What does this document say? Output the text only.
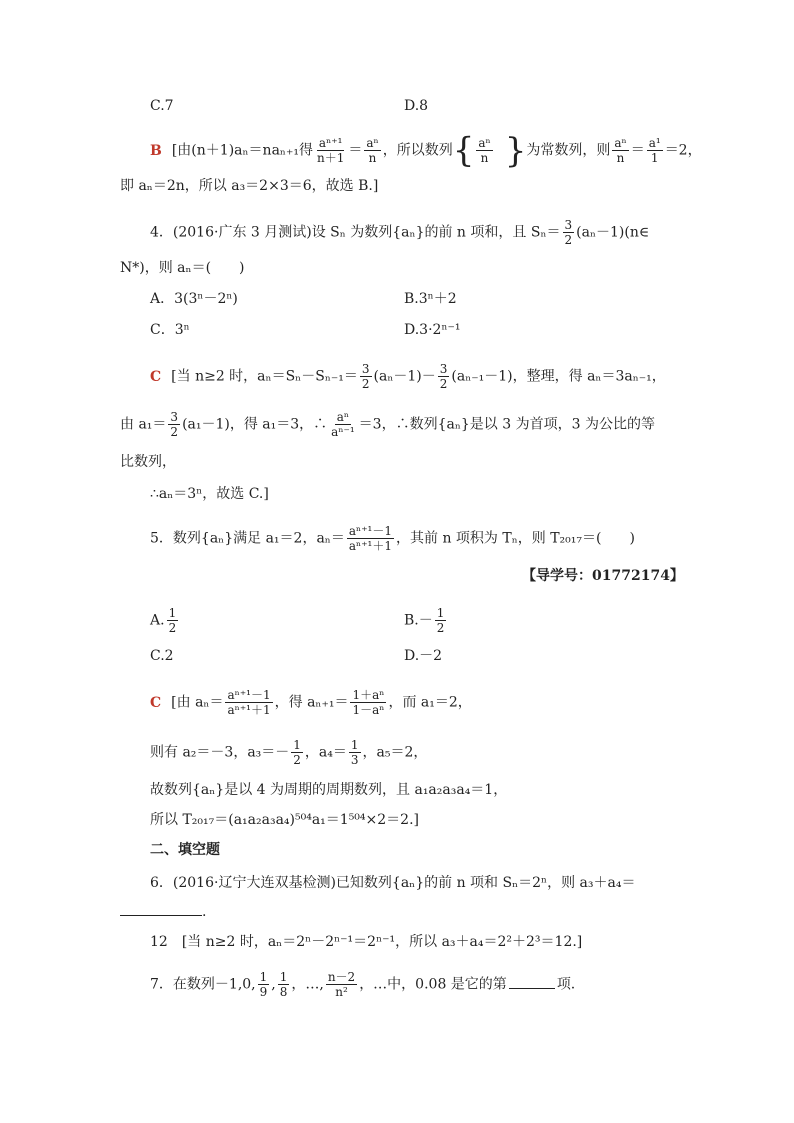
C.7	D.8
B [由(n＋1)aₙ＝naₙ₊₁得 $\frac{\text{aⁿ⁺¹}}{n+1} = \frac{\text{aⁿ}}{n}$ ，所以数列{ $\frac{\text{aⁿ}}{n}$ }为常数列，则 $\frac{\text{aⁿ}}{n} = \frac{\text{a¹}}{1} =2$，
即 aₙ＝2n，所以 a₃＝2×3＝6，故选 B.]
4．(2016·广东 3 月测试)设 Sₙ 为数列{aₙ}的前 n 项和，且 $S_n= \frac{3}{2}$ (aₙ－1)(n∈
N*)，则 aₙ＝(　　)
A．3(3ⁿ－2ⁿ)	B.3ⁿ＋2
C．3ⁿ	D.3·2ⁿ⁻¹
C [当 n≥2 时，$a_n=S_n-S_{n-1}= \frac{3}{2} (a_n-1)- \frac{3}{2} (a_{n-1}-1)$，整理，得 aₙ＝3aₙ₋₁，
由 $a_1= \frac{3}{2} (a_1-1)$，得 a₁＝3，∴ $\frac{\text{aⁿ}}{\text{aⁿ⁻¹}} =3$，∴数列{aₙ}是以 3 为首项，3 为公比的等
比数列，
∴aₙ＝3ⁿ，故选 C.]
5．数列{aₙ}满足 a₁＝2，$a_n= \frac{\text{aⁿ⁺¹－1}}{\text{aⁿ⁺¹＋1}}$ ，其前 n 项积为 Tₙ，则 T₂₀₁₇＝(　　)
【导学号：01772174】
A. $\frac{1}{2}$	$B.- \frac{1}{2}$
C.2	D.－2
C [由 $a_n= \frac{\text{aⁿ⁺¹－1}}{\text{aⁿ⁺¹＋1}}$ ，得 $a_{n+1}= \frac{\text{1＋aⁿ}}{\text{1－aⁿ}}$ ，而 a₁＝2，
则有 a₂＝－3，$a_3=- \frac{1}{2}$ ，$a_4= \frac{1}{3}$ ，a₅＝2，
故数列{aₙ}是以 4 为周期的周期数列，且 a₁a₂a₃a₄＝1，
所以 T₂₀₁₇＝(a₁a₂a₃a₄)⁵⁰⁴a₁＝1⁵⁰⁴×2＝2.]
二、填空题
6．(2016·辽宁大连双基检测)已知数列{aₙ}的前 n 项和 Sₙ＝2ⁿ，则 a₃＋a₄＝
.
12　[当 n≥2 时，aₙ＝2ⁿ－2ⁿ⁻¹＝2ⁿ⁻¹，所以 a₃＋a₄＝2²＋2³＝12.]
7．在数列－1,0, $\frac{1}{9}$ , $\frac{1}{8}$ ，…, $\frac{n-2}{\text{n²}}$ ，…中，0.08 是它的第	项.
